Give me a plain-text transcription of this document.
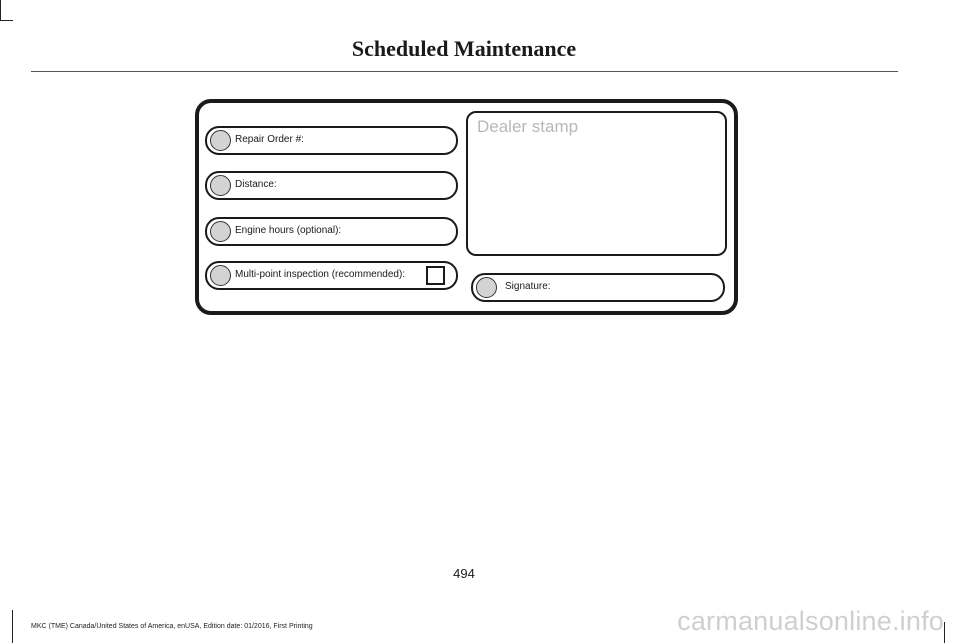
Scheduled Maintenance
Repair Order #:
Distance:
Engine hours (optional):
Multi-point inspection (recommended):
Dealer stamp
Signature:
494
MKC (TME) Canada/United States of America, enUSA, Edition date: 01/2016, First Printing	carmanualsonline.info
